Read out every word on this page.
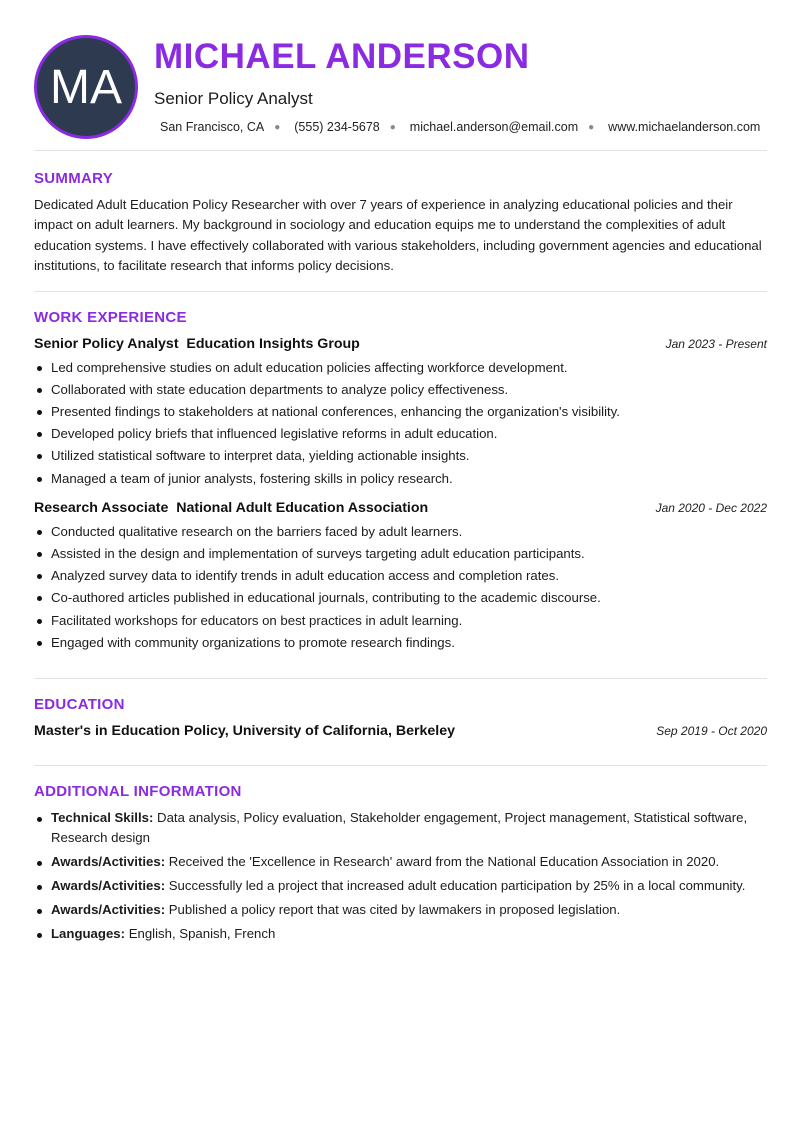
MA
MICHAEL ANDERSON
Senior Policy Analyst
San Francisco, CA ● (555) 234-5678 ● michael.anderson@email.com ● www.michaelanderson.com
SUMMARY

Dedicated Adult Education Policy Researcher with over 7 years of experience in analyzing educational policies and their impact on adult learners. My background in sociology and education equips me to understand the complexities of adult education systems. I have effectively collaborated with various stakeholders, including government agencies and educational institutions, to facilitate research that informs policy decisions.

WORK EXPERIENCE
Senior Policy Analyst  Education Insights Group	Jan 2023 - Present
Led comprehensive studies on adult education policies affecting workforce development.
Collaborated with state education departments to analyze policy effectiveness.
Presented findings to stakeholders at national conferences, enhancing the organization's visibility.
Developed policy briefs that influenced legislative reforms in adult education.
Utilized statistical software to interpret data, yielding actionable insights.
Managed a team of junior analysts, fostering skills in policy research.
Research Associate  National Adult Education Association	Jan 2020 - Dec 2022
Conducted qualitative research on the barriers faced by adult learners.
Assisted in the design and implementation of surveys targeting adult education participants.
Analyzed survey data to identify trends in adult education access and completion rates.
Co-authored articles published in educational journals, contributing to the academic discourse.
Facilitated workshops for educators on best practices in adult learning.
Engaged with community organizations to promote research findings.
EDUCATION
Master's in Education Policy, University of California, Berkeley	Sep 2019 - Oct 2020
ADDITIONAL INFORMATION
Technical Skills: Data analysis, Policy evaluation, Stakeholder engagement, Project management, Statistical software, Research design
Awards/Activities: Received the 'Excellence in Research' award from the National Education Association in 2020.
Awards/Activities: Successfully led a project that increased adult education participation by 25% in a local community.
Awards/Activities: Published a policy report that was cited by lawmakers in proposed legislation.
Languages: English, Spanish, French
